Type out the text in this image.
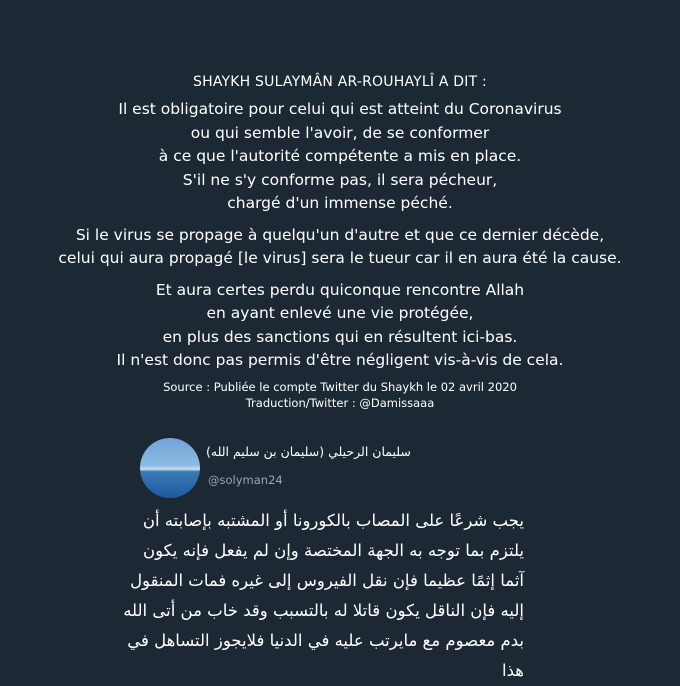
SHAYKH SULAYMÂN AR-ROUHAYLÎ A DIT :

Il est obligatoire pour celui qui est atteint du Coronavirus
ou qui semble l'avoir, de se conformer
à ce que l'autorité compétente a mis en place.
S'il ne s'y conforme pas, il sera pécheur,
chargé d'un immense péché.

Si le virus se propage à quelqu'un d'autre et que ce dernier décède,
celui qui aura propagé [le virus] sera le tueur car il en aura été la cause.

Et aura certes perdu quiconque rencontre Allah
en ayant enlevé une vie protégée,
en plus des sanctions qui en résultent ici-bas.
Il n'est donc pas permis d'être négligent vis-à-vis de cela.

Source : Publiée le compte Twitter du Shaykh le 02 avril 2020
Traduction/Twitter : @Damissaaa
سليمان الرحيلي (سليمان بن سليم الله)
@solyman24
يجب شرعًا على المصاب بالكورونا أو المشتبه بإصابته أن
يلتزم بما توجه به الجهة المختصة وإن لم يفعل فإنه يكون
آثما إثمًا عظيما فإن نقل الفيروس إلى غيره فمات المنقول
إليه فإن الناقل يكون قاتلا له بالتسبب وقد خاب من أتى الله
بدم معصوم مع مايرتب عليه في الدنيا فلايجوز التساهل في
هذا
